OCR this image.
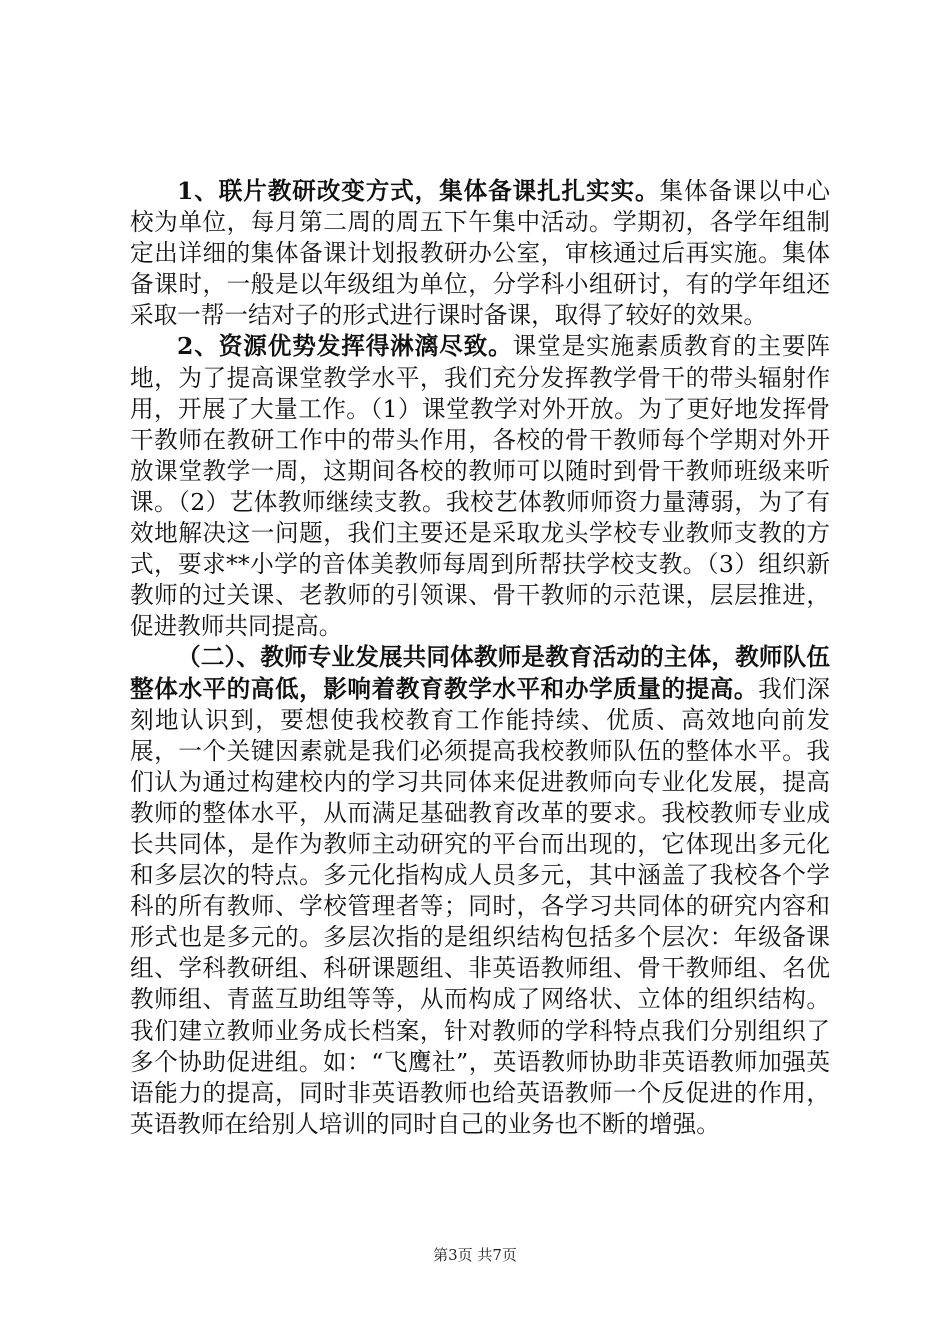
1、联片教研改变方式，集体备课扎扎实实。集体备课以中心校为单位，每月第二周的周五下午集中活动。学期初，各学年组制定出详细的集体备课计划报教研办公室，审核通过后再实施。集体备课时，一般是以年级组为单位，分学科小组研讨，有的学年组还采取一帮一结对子的形式进行课时备课，取得了较好的效果。

2、资源优势发挥得淋漓尽致。课堂是实施素质教育的主要阵地，为了提高课堂教学水平，我们充分发挥教学骨干的带头辐射作用，开展了大量工作。（1）课堂教学对外开放。为了更好地发挥骨干教师在教研工作中的带头作用，各校的骨干教师每个学期对外开放课堂教学一周，这期间各校的教师可以随时到骨干教师班级来听课。（2）艺体教师继续支教。我校艺体教师师资力量薄弱，为了有效地解决这一问题，我们主要还是采取龙头学校专业教师支教的方式，要求**小学的音体美教师每周到所帮扶学校支教。（3）组织新教师的过关课、老教师的引领课、骨干教师的示范课，层层推进，促进教师共同提高。

（二）、教师专业发展共同体教师是教育活动的主体，教师队伍整体水平的高低，影响着教育教学水平和办学质量的提高。我们深刻地认识到，要想使我校教育工作能持续、优质、高效地向前发展，一个关键因素就是我们必须提高我校教师队伍的整体水平。我们认为通过构建校内的学习共同体来促进教师向专业化发展，提高教师的整体水平，从而满足基础教育改革的要求。我校教师专业成长共同体，是作为教师主动研究的平台而出现的，它体现出多元化和多层次的特点。多元化指构成人员多元，其中涵盖了我校各个学科的所有教师、学校管理者等；同时，各学习共同体的研究内容和形式也是多元的。多层次指的是组织结构包括多个层次：年级备课组、学科教研组、科研课题组、非英语教师组、骨干教师组、名优教师组、青蓝互助组等等，从而构成了网络状、立体的组织结构。我们建立教师业务成长档案，针对教师的学科特点我们分别组织了多个协助促进组。如：“飞鹰社”，英语教师协助非英语教师加强英语能力的提高，同时非英语教师也给英语教师一个反促进的作用，英语教师在给别人培训的同时自己的业务也不断的增强。

第3页 共7页
